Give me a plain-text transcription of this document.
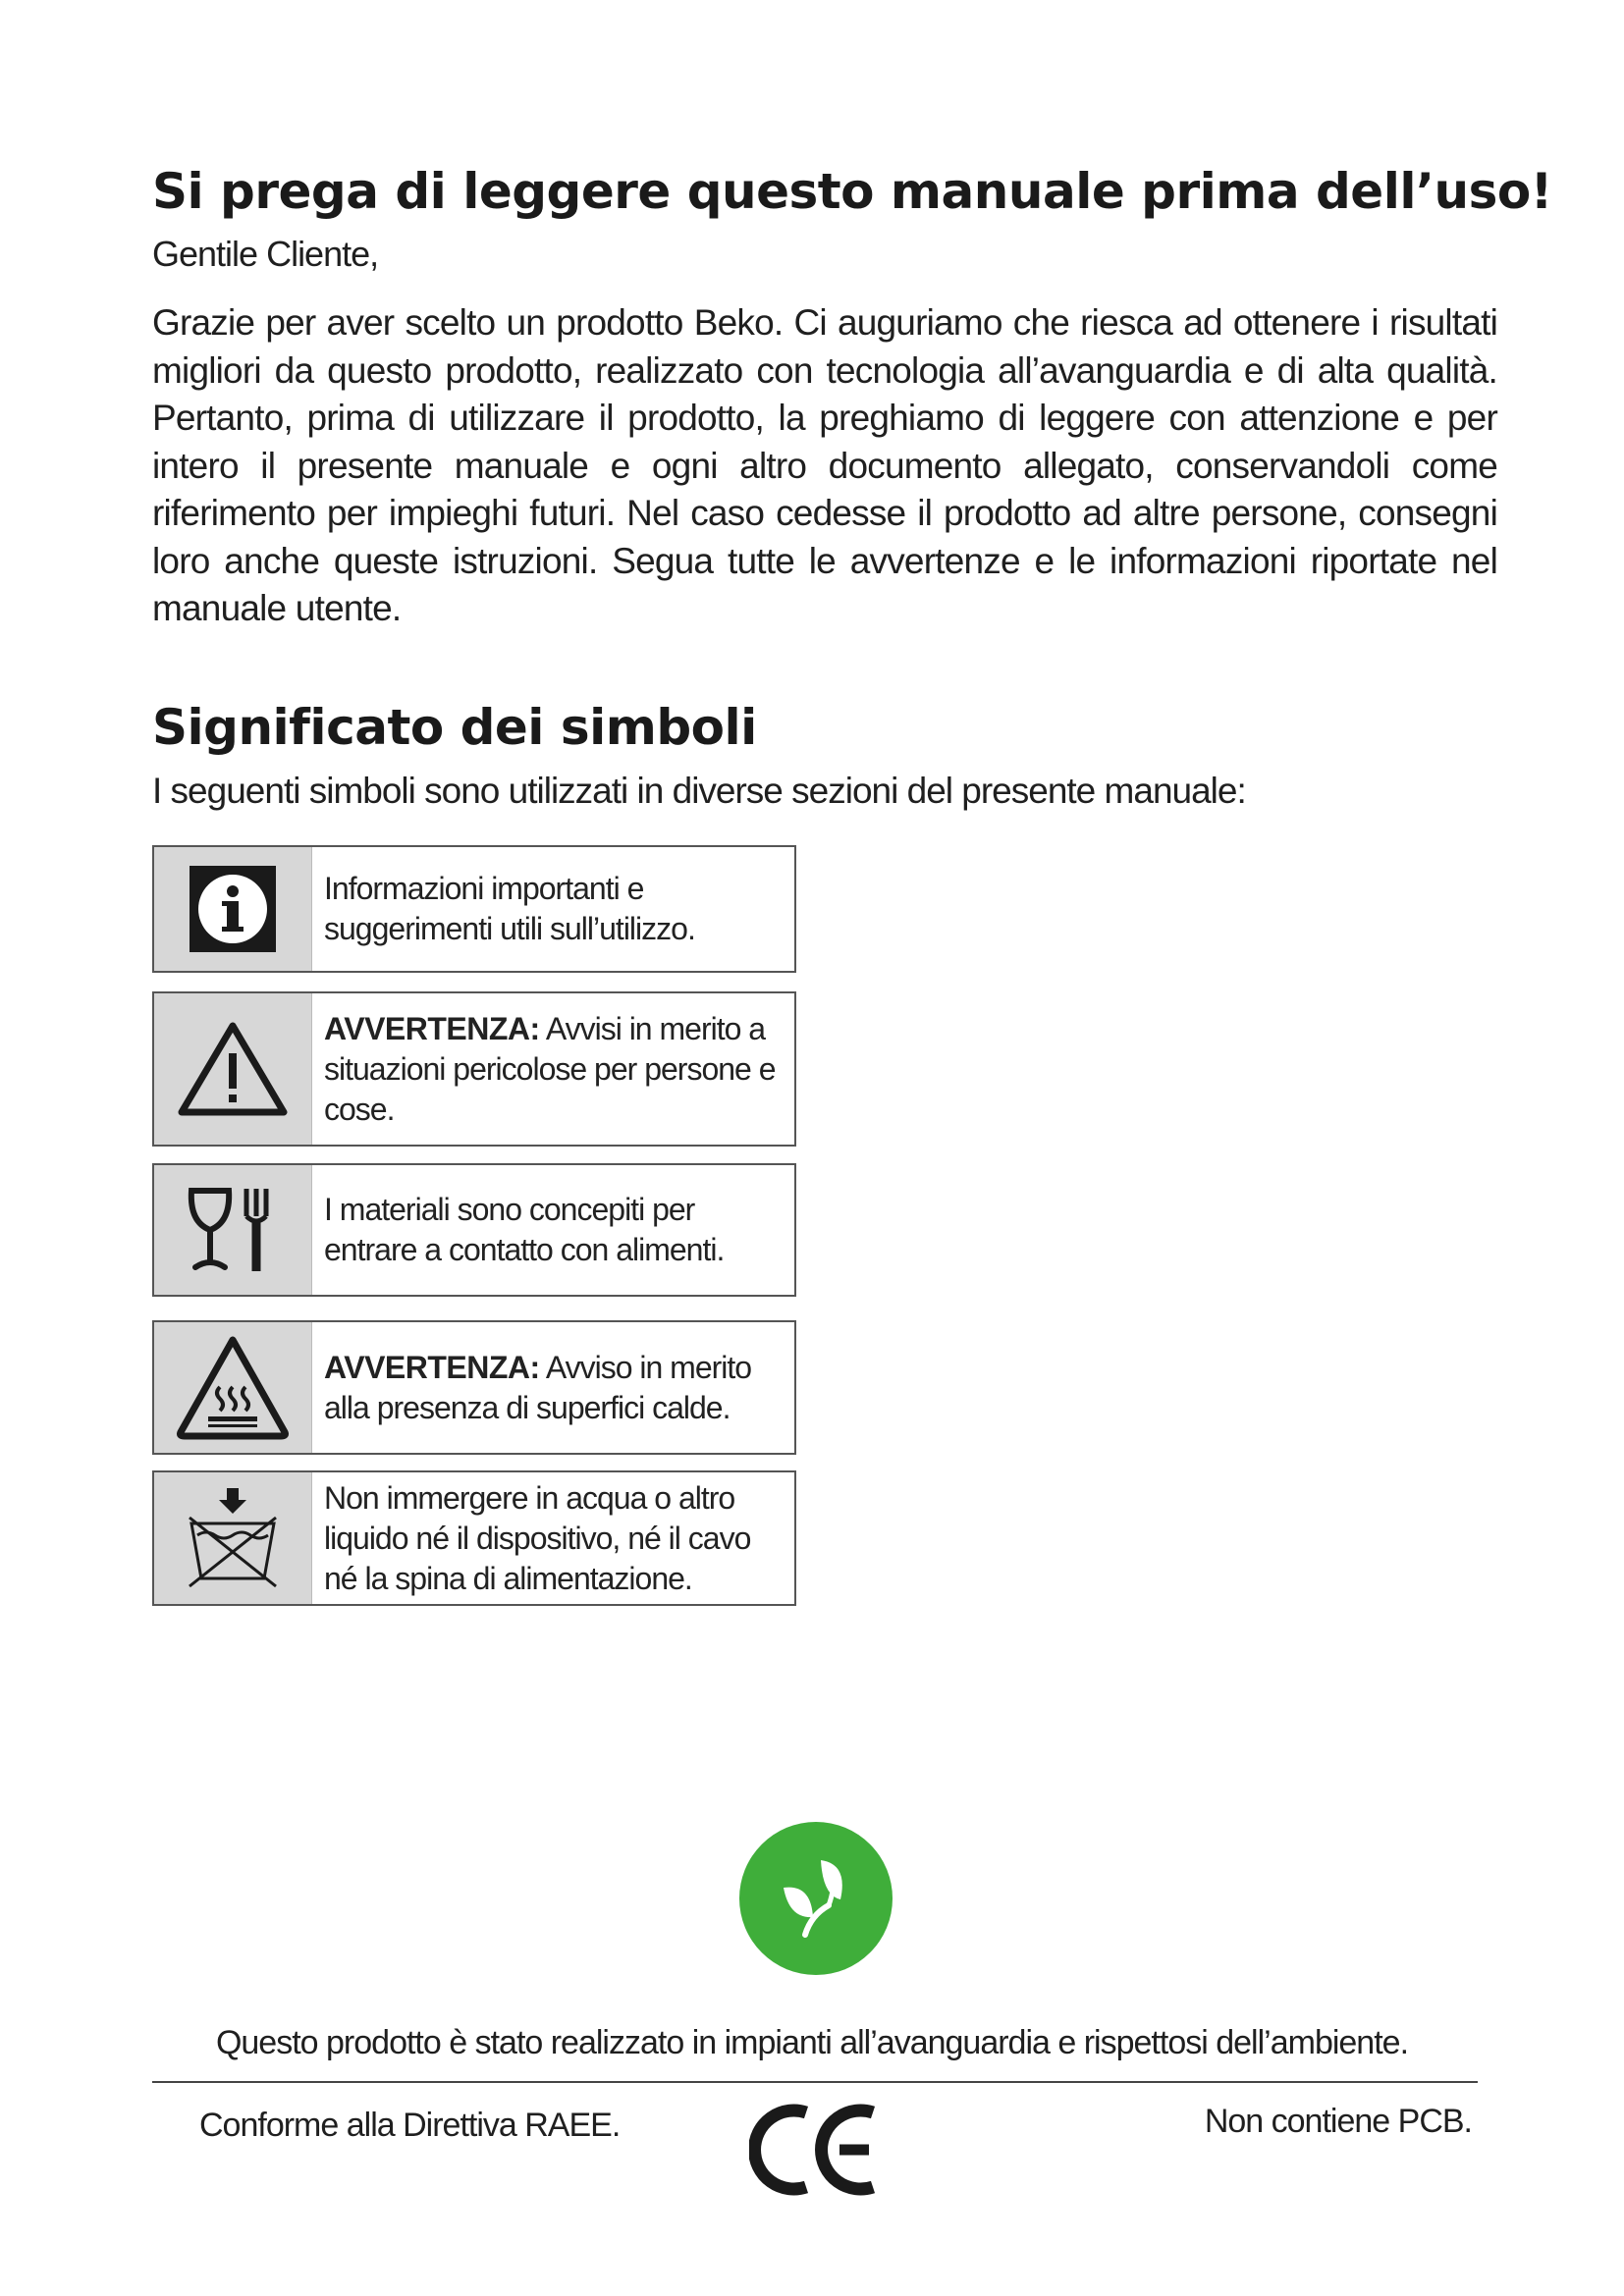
Si prega di leggere questo manuale prima dell’uso!
Gentile Cliente,

Grazie per aver scelto un prodotto Beko. Ci auguriamo che riesca ad ottenere i risultati migliori da questo prodotto, realizzato con tecnologia all’avanguardia e di alta qualità. Pertanto, prima di utilizzare il prodotto, la preghiamo di leggere con attenzione e per intero il presente manuale e ogni altro documento allegato, conservandoli come riferimento per impieghi futuri. Nel caso cedesse il prodotto ad altre persone, consegni loro anche queste istruzioni. Segua tutte le avvertenze e le informazioni riportate nel manuale utente.

Significato dei simboli
I seguenti simboli sono utilizzati in diverse sezioni del presente manuale:
Informazioni importanti e suggerimenti utili sull’utilizzo.
AVVERTENZA: Avvisi in merito a situazioni pericolose per persone e cose.
I materiali sono concepiti per entrare a contatto con alimenti.
AVVERTENZA: Avviso in merito alla presenza di superfici calde.
Non immergere in acqua o altro liquido né il dispositivo, né il cavo né la spina di alimentazione.
Questo prodotto è stato realizzato in impianti all’avanguardia e rispettosi dell’ambiente.
Conforme alla Direttiva RAEE.	Non contiene PCB.
